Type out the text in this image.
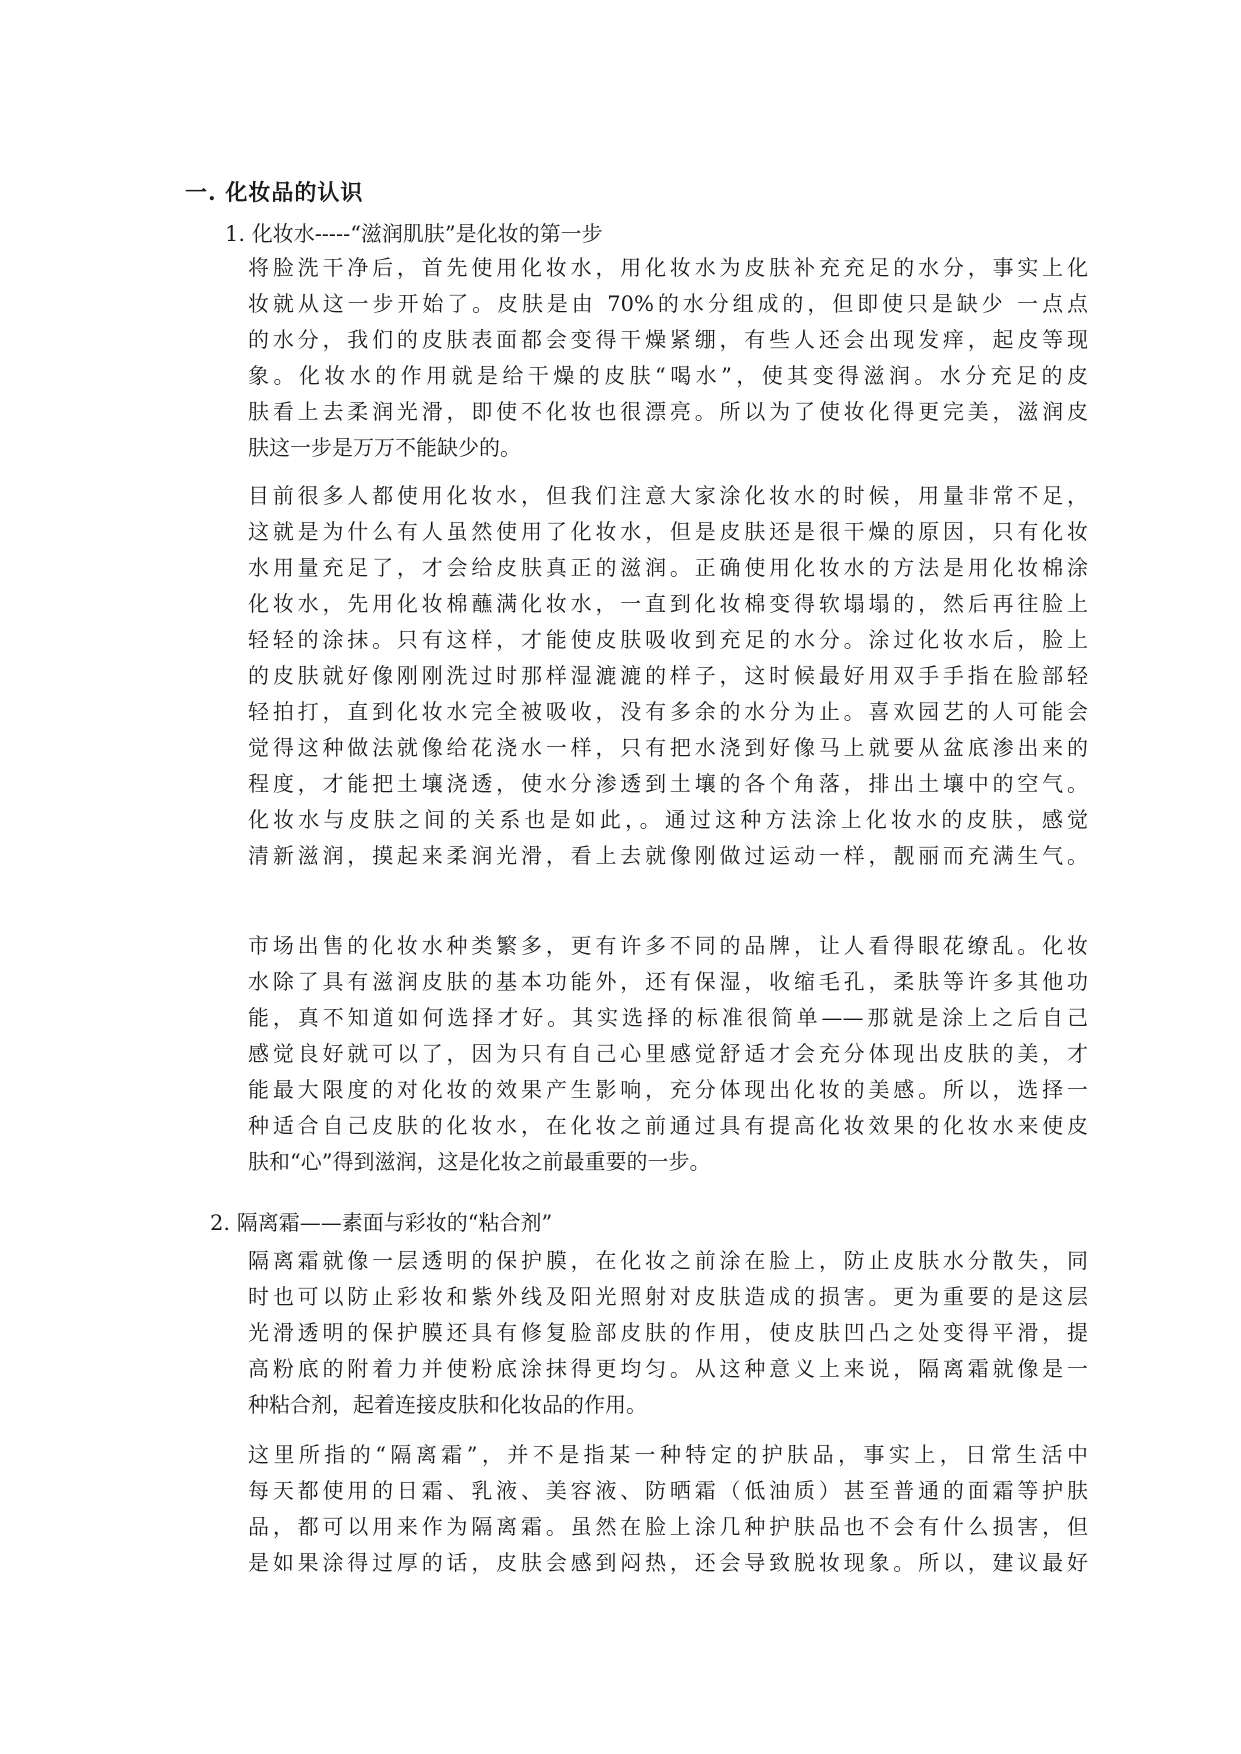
一. 化妆品的认识
1. 化妆水-----“滋润肌肤”是化妆的第一步
将脸洗干净后，首先使用化妆水，用化妆水为皮肤补充充足的水分，事实上化
妆就从这一步开始了。皮肤是由 70%的水分组成的，但即使只是缺少 一点点
的水分，我们的皮肤表面都会变得干燥紧绷，有些人还会出现发痒，起皮等现
象。化妆水的作用就是给干燥的皮肤“喝水”，使其变得滋润。水分充足的皮
肤看上去柔润光滑，即使不化妆也很漂亮。所以为了使妆化得更完美，滋润皮
肤这一步是万万不能缺少的。
目前很多人都使用化妆水，但我们注意大家涂化妆水的时候，用量非常不足，
这就是为什么有人虽然使用了化妆水，但是皮肤还是很干燥的原因，只有化妆
水用量充足了，才会给皮肤真正的滋润。正确使用化妆水的方法是用化妆棉涂
化妆水，先用化妆棉蘸满化妆水，一直到化妆棉变得软塌塌的，然后再往脸上
轻轻的涂抹。只有这样，才能使皮肤吸收到充足的水分。涂过化妆水后，脸上
的皮肤就好像刚刚洗过时那样湿漉漉的样子，这时候最好用双手手指在脸部轻
轻拍打，直到化妆水完全被吸收，没有多余的水分为止。喜欢园艺的人可能会
觉得这种做法就像给花浇水一样，只有把水浇到好像马上就要从盆底渗出来的
程度，才能把土壤浇透，使水分渗透到土壤的各个角落，排出土壤中的空气。
化妆水与皮肤之间的关系也是如此，。通过这种方法涂上化妆水的皮肤，感觉
清新滋润，摸起来柔润光滑，看上去就像刚做过运动一样，靓丽而充满生气。
市场出售的化妆水种类繁多，更有许多不同的品牌，让人看得眼花缭乱。化妆
水除了具有滋润皮肤的基本功能外，还有保湿，收缩毛孔，柔肤等许多其他功
能，真不知道如何选择才好。其实选择的标准很简单——那就是涂上之后自己
感觉良好就可以了，因为只有自己心里感觉舒适才会充分体现出皮肤的美，才
能最大限度的对化妆的效果产生影响，充分体现出化妆的美感。所以，选择一
种适合自己皮肤的化妆水，在化妆之前通过具有提高化妆效果的化妆水来使皮
肤和“心”得到滋润，这是化妆之前最重要的一步。
2. 隔离霜——素面与彩妆的“粘合剂”
隔离霜就像一层透明的保护膜，在化妆之前涂在脸上，防止皮肤水分散失，同
时也可以防止彩妆和紫外线及阳光照射对皮肤造成的损害。更为重要的是这层
光滑透明的保护膜还具有修复脸部皮肤的作用，使皮肤凹凸之处变得平滑，提
高粉底的附着力并使粉底涂抹得更均匀。从这种意义上来说，隔离霜就像是一
种粘合剂，起着连接皮肤和化妆品的作用。
这里所指的“隔离霜”，并不是指某一种特定的护肤品，事实上，日常生活中
每天都使用的日霜、乳液、美容液、防晒霜（低油质）甚至普通的面霜等护肤
品，都可以用来作为隔离霜。虽然在脸上涂几种护肤品也不会有什么损害，但
是如果涂得过厚的话，皮肤会感到闷热，还会导致脱妆现象。所以，建议最好
